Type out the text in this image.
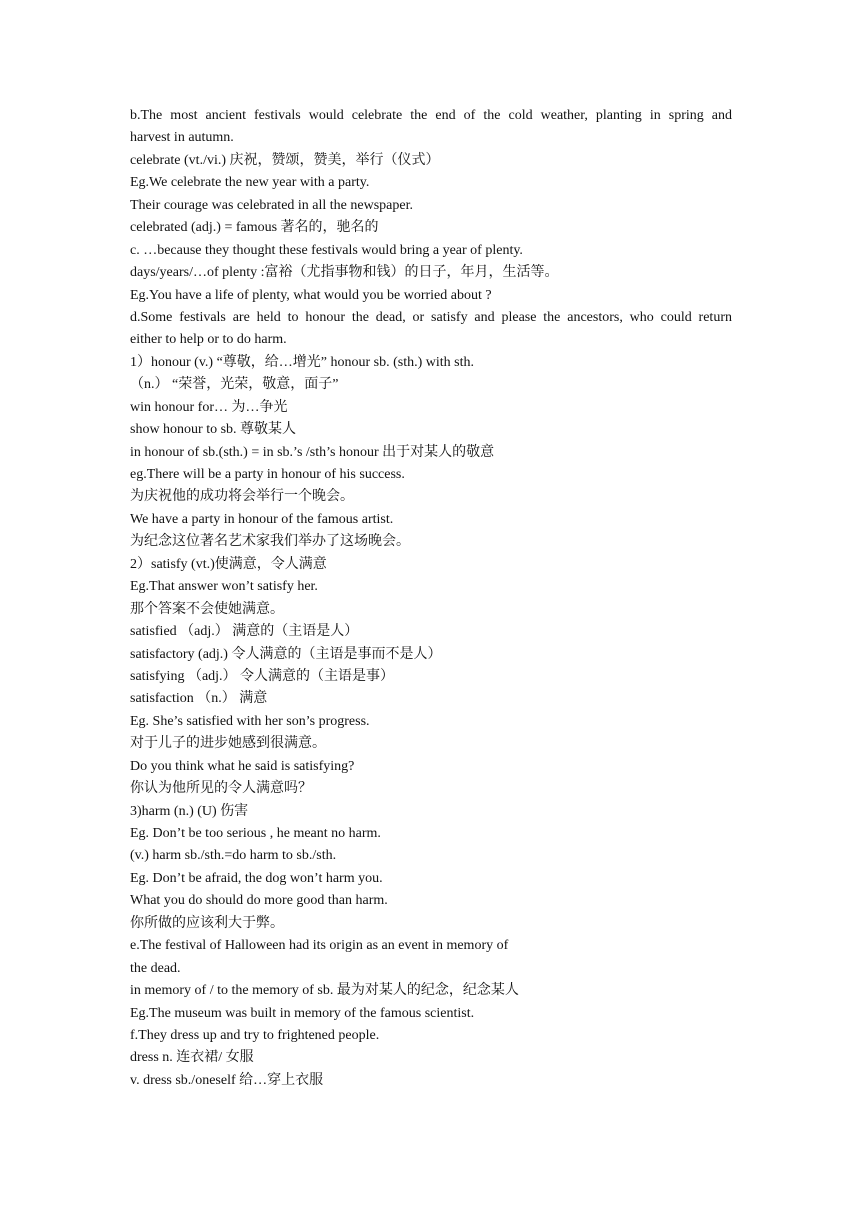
b.The most ancient festivals would celebrate the end of the cold weather, planting in spring and
harvest in autumn.
celebrate (vt./vi.) 庆祝，赞颂，赞美，举行（仪式）
Eg.We celebrate the new year with a party.
Their courage was celebrated in all the newspaper.
celebrated (adj.) = famous 著名的，驰名的
c. …because they thought these festivals would bring a year of plenty.
days/years/…of plenty :富裕（尤指事物和钱）的日子，年月，生活等。
Eg.You have a life of plenty, what would you be worried about ?
d.Some festivals are held to honour the dead, or satisfy and please the ancestors, who could return
either to help or to do harm.
1）honour (v.) “尊敬，给…增光” honour sb. (sth.) with sth.
（n.） “荣誉，光荣，敬意，面子”
win honour for… 为…争光
show honour to sb. 尊敬某人
in honour of sb.(sth.) = in sb.’s /sth’s honour 出于对某人的敬意
eg.There will be a party in honour of his success.
为庆祝他的成功将会举行一个晚会。
We have a party in honour of the famous artist.
为纪念这位著名艺术家我们举办了这场晚会。
2）satisfy (vt.)使满意，令人满意
Eg.That answer won’t satisfy her.
那个答案不会使她满意。
satisfied （adj.） 满意的（主语是人）
satisfactory (adj.) 令人满意的（主语是事而不是人）
satisfying （adj.） 令人满意的（主语是事）
satisfaction （n.） 满意
Eg. She’s satisfied with her son’s progress.
对于儿子的进步她感到很满意。
Do you think what he said is satisfying?
你认为他所见的令人满意吗？
3)harm (n.) (U) 伤害
Eg. Don’t be too serious , he meant no harm.
(v.) harm sb./sth.=do harm to sb./sth.
Eg. Don’t be afraid, the dog won’t harm you.
What you do should do more good than harm.
你所做的应该利大于弊。
e.The festival of Halloween had its origin as an event in memory of
the dead.
in memory of / to the memory of sb. 最为对某人的纪念，纪念某人
Eg.The museum was built in memory of the famous scientist.
f.They dress up and try to frightened people.
dress n. 连衣裙/ 女服
v. dress sb./oneself 给…穿上衣服
